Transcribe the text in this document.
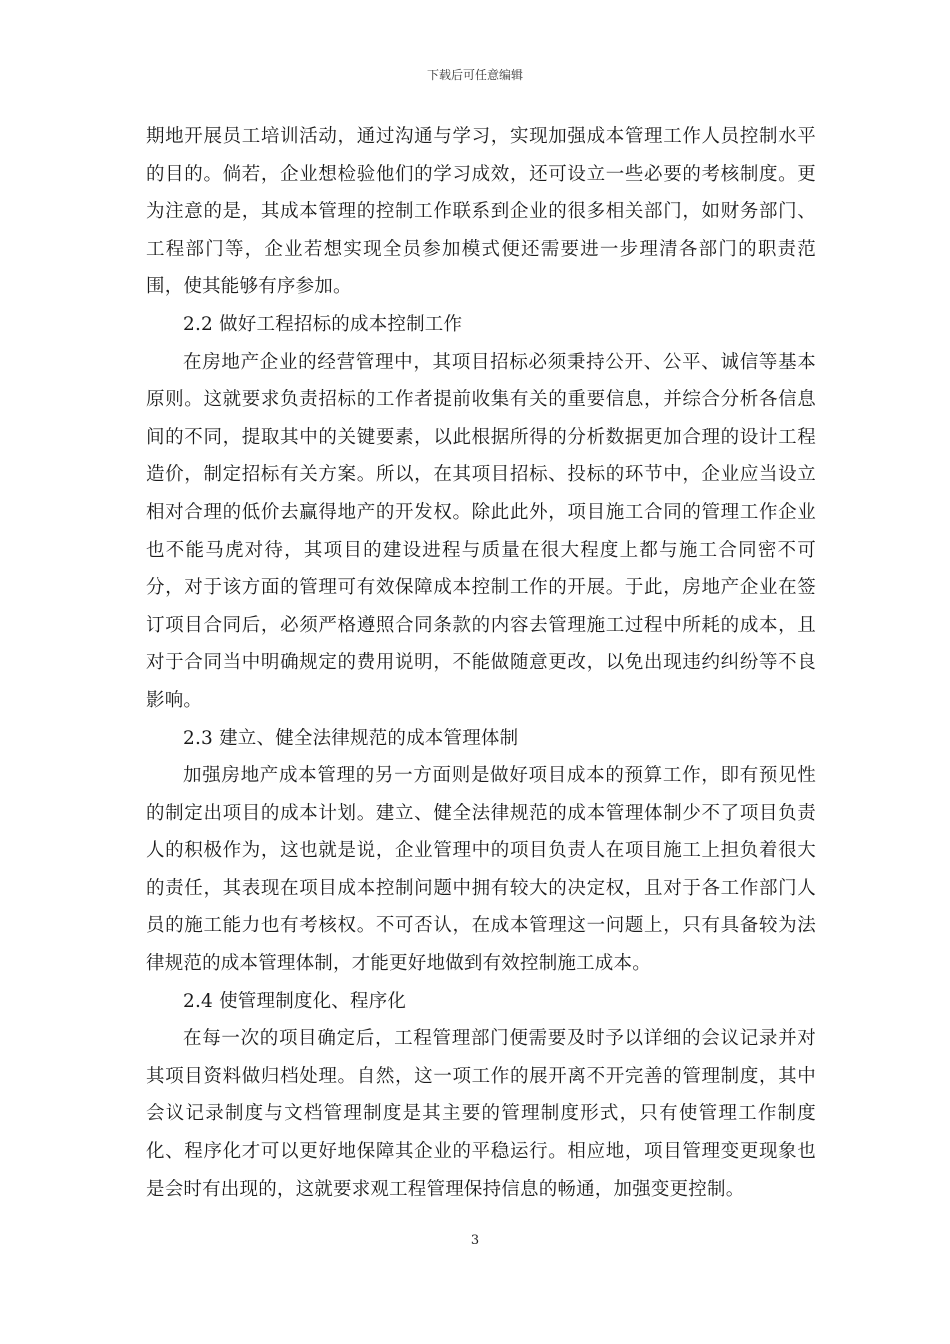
下载后可任意编辑

期地开展员工培训活动，通过沟通与学习，实现加强成本管理工作人员控制水平的目的。倘若，企业想检验他们的学习成效，还可设立一些必要的考核制度。更为注意的是，其成本管理的控制工作联系到企业的很多相关部门，如财务部门、工程部门等，企业若想实现全员参加模式便还需要进一步理清各部门的职责范围，使其能够有序参加。

2.2 做好工程招标的成本控制工作

在房地产企业的经营管理中，其项目招标必须秉持公开、公平、诚信等基本原则。这就要求负责招标的工作者提前收集有关的重要信息，并综合分析各信息间的不同，提取其中的关键要素，以此根据所得的分析数据更加合理的设计工程造价，制定招标有关方案。所以，在其项目招标、投标的环节中，企业应当设立相对合理的低价去赢得地产的开发权。除此此外，项目施工合同的管理工作企业也不能马虎对待，其项目的建设进程与质量在很大程度上都与施工合同密不可分，对于该方面的管理可有效保障成本控制工作的开展。于此，房地产企业在签订项目合同后，必须严格遵照合同条款的内容去管理施工过程中所耗的成本，且对于合同当中明确规定的费用说明，不能做随意更改，以免出现违约纠纷等不良影响。

2.3 建立、健全法律规范的成本管理体制

加强房地产成本管理的另一方面则是做好项目成本的预算工作，即有预见性的制定出项目的成本计划。建立、健全法律规范的成本管理体制少不了项目负责人的积极作为，这也就是说，企业管理中的项目负责人在项目施工上担负着很大的责任，其表现在项目成本控制问题中拥有较大的决定权，且对于各工作部门人员的施工能力也有考核权。不可否认，在成本管理这一问题上，只有具备较为法律规范的成本管理体制，才能更好地做到有效控制施工成本。

2.4 使管理制度化、程序化

在每一次的项目确定后，工程管理部门便需要及时予以详细的会议记录并对其项目资料做归档处理。自然，这一项工作的展开离不开完善的管理制度，其中会议记录制度与文档管理制度是其主要的管理制度形式，只有使管理工作制度化、程序化才可以更好地保障其企业的平稳运行。相应地，项目管理变更现象也是会时有出现的，这就要求观工程管理保持信息的畅通，加强变更控制。

3
